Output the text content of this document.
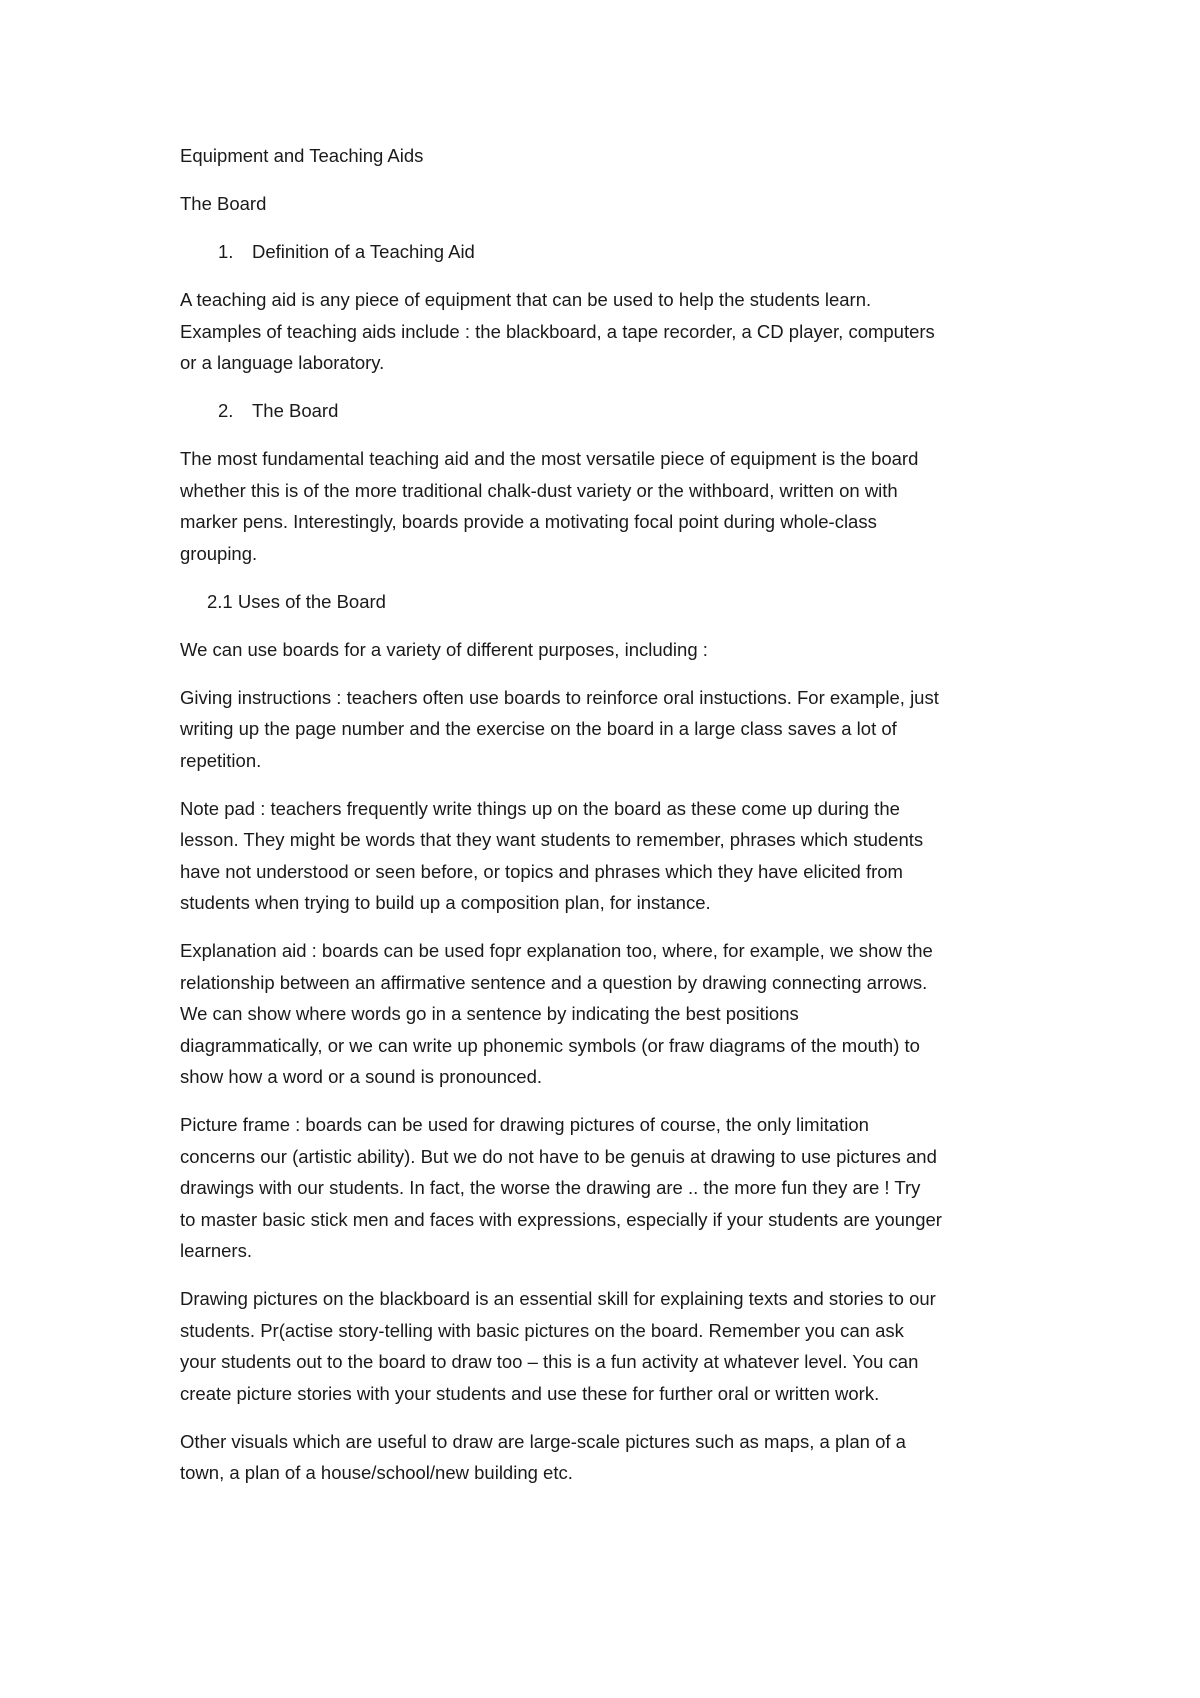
Equipment and Teaching Aids

The Board

1.	Definition of a Teaching Aid

A teaching aid is any piece of equipment that can be used to help the students learn.
Examples of teaching aids include : the blackboard, a tape recorder, a CD player, computers
or a language laboratory.

2.	The Board

The most fundamental teaching aid and the most versatile piece of equipment is the board
whether this is of the more traditional chalk-dust variety or the withboard, written on with
marker pens. Interestingly, boards provide a motivating focal point during whole-class
grouping.

2.1 Uses of the Board

We can use boards for a variety of different purposes, including :

Giving instructions : teachers often use boards to reinforce oral instuctions. For example, just
writing up the page number and the exercise on the board in a large class saves a lot of
repetition.

Note pad : teachers frequently write things up on the board as these come up during the
lesson. They might be words that they want students to remember, phrases which students
have not understood or seen before, or topics and phrases which they have elicited from
students when trying to build up a composition plan, for instance.

Explanation aid : boards can be used fopr explanation too, where, for example, we show the
relationship between an affirmative sentence and a question by drawing connecting arrows.
We can show where words go in a sentence by indicating the best positions
diagrammatically, or we can write up phonemic symbols (or fraw diagrams of the mouth) to
show how a word or a sound is pronounced.

Picture frame : boards can be used for drawing pictures of course, the only limitation
concerns our (artistic ability). But we do not have to be genuis at drawing to use pictures and
drawings with our students. In fact, the worse the drawing are .. the more fun they are ! Try
to master basic stick men and faces with expressions, especially if your students are younger
learners.

Drawing pictures on the blackboard is an essential skill for explaining texts and stories to our
students. Pr(actise story-telling with basic pictures on the board. Remember you can ask
your students out to the board to draw too – this is a fun activity at whatever level. You can
create picture stories with your students and use these for further oral or written work.

Other visuals which are useful to draw are large-scale pictures such as maps, a plan of a
town, a plan of a house/school/new building etc.
